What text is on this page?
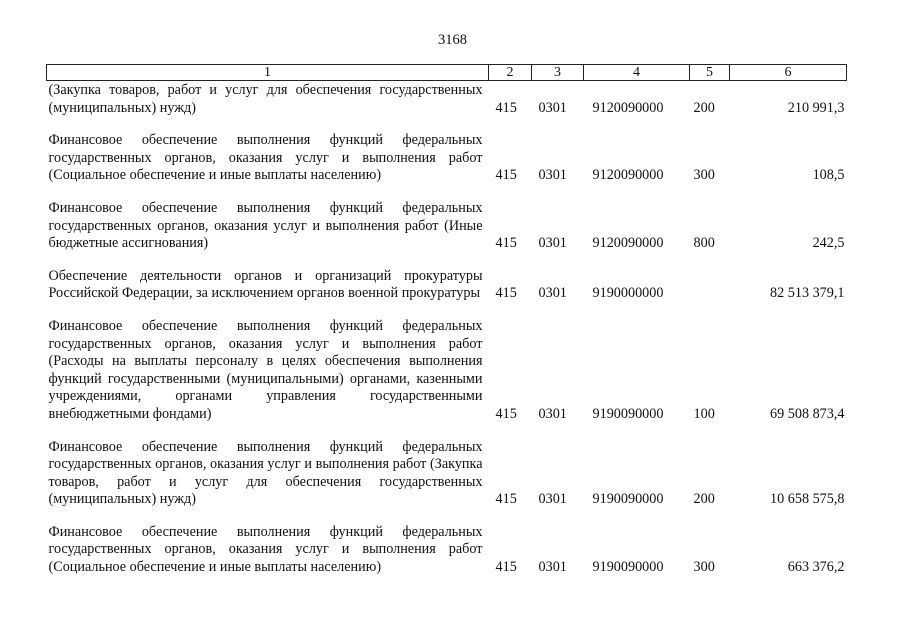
3168
1	2	3	4	5	6
(Закупка товаров, работ и услуг для обеспечения государственных (муниципальных) нужд)	415	0301	9120090000	200	210 991,3
Финансовое обеспечение выполнения функций федеральных государственных органов, оказания услуг и выполнения работ (Социальное обеспечение и иные выплаты населению)	415	0301	9120090000	300	108,5
Финансовое обеспечение выполнения функций федеральных государственных органов, оказания услуг и выполнения работ (Иные бюджетные ассигнования)	415	0301	9120090000	800	242,5
Обеспечение деятельности органов и организаций прокуратуры Российской Федерации, за исключением органов военной прокуратуры	415	0301	9190000000		82 513 379,1
Финансовое обеспечение выполнения функций федеральных государственных органов, оказания услуг и выполнения работ (Расходы на выплаты персоналу в целях обеспечения выполнения функций государственными (муниципальными) органами, казенными учреждениями, органами управления государственными внебюджетными фондами)	415	0301	9190090000	100	69 508 873,4
Финансовое обеспечение выполнения функций федеральных государственных органов, оказания услуг и выполнения работ (Закупка товаров, работ и услуг для обеспечения государственных (муниципальных) нужд)	415	0301	9190090000	200	10 658 575,8
Финансовое обеспечение выполнения функций федеральных государственных органов, оказания услуг и выполнения работ (Социальное обеспечение и иные выплаты населению)	415	0301	9190090000	300	663 376,2
